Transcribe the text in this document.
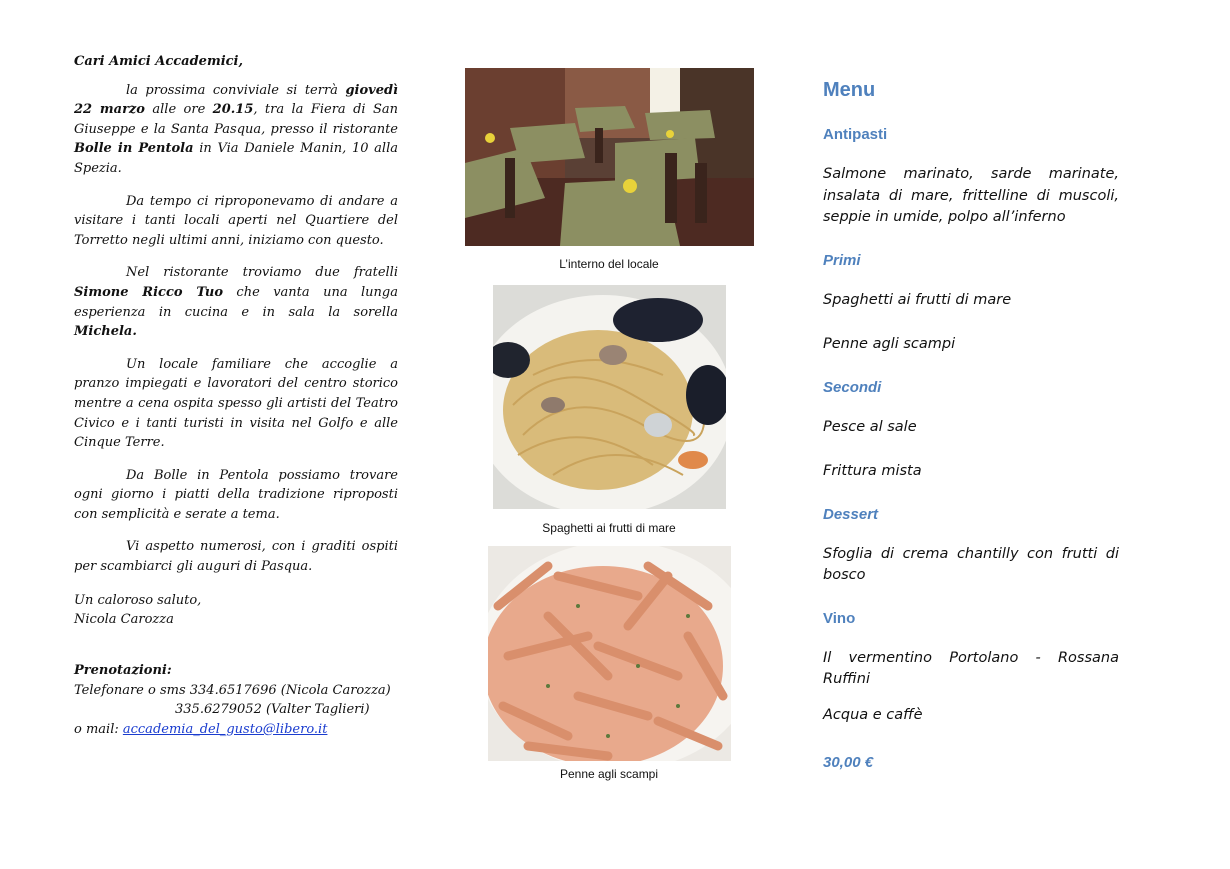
Cari Amici Accademici,

la prossima conviviale si terrà giovedì 22 marzo alle ore 20.15, tra la Fiera di San Giuseppe e la Santa Pasqua, presso il ristorante Bolle in Pentola in Via Daniele Manin, 10 alla Spezia.

Da tempo ci riproponevamo di andare a visitare i tanti locali aperti nel Quartiere del Torretto negli ultimi anni, iniziamo con questo.

Nel ristorante troviamo due fratelli Simone Ricco Tuo che vanta una lunga esperienza in cucina e in sala la sorella Michela.

Un locale familiare che accoglie a pranzo impiegati e lavoratori del centro storico mentre a cena ospita spesso gli artisti del Teatro Civico e i tanti turisti in visita nel Golfo e alle Cinque Terre.

Da Bolle in Pentola possiamo trovare ogni giorno i piatti della tradizione riproposti con semplicità e serate a tema.

Vi aspetto numerosi, con i graditi ospiti per scambiarci gli auguri di Pasqua.

Un caloroso saluto,
Nicola Carozza
Prenotazioni:
Telefonare o sms 334.6517696 (Nicola Carozza)
335.6279052 (Valter Taglieri)
o mail: accademia_del_gusto@libero.it
L’interno del locale
Spaghetti ai frutti di mare
Penne agli scampi
Menu
Antipasti
Salmone marinato, sarde marinate, insalata di mare, frittelline di muscoli, seppie in umide, polpo all’inferno
Primi
Spaghetti ai frutti di mare
Penne agli scampi
Secondi
Pesce al sale
Frittura mista
Dessert
Sfoglia di crema chantilly con frutti di bosco
Vino
Il vermentino Portolano - Rossana Ruffini
Acqua e caffè
30,00 €
